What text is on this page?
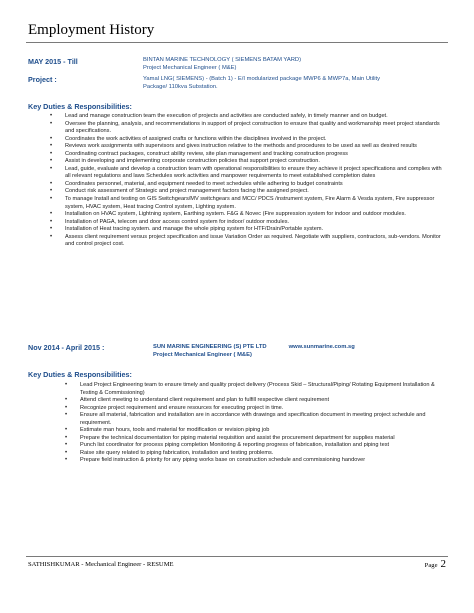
Employment History
MAY 2015 - Till	BINTAN MARINE TECHNOLOGY ( SIEMENS BATAM YARD)
Project Mechanical Engineer ( M&E)
Project :	Yamal LNG( SIEMENS) - (Batch 1) - E/I modularized package MWP6 & MWP7a, Main Utility
Package/ 110kva Substation.
Key Duties & Responsibilities:
• Lead and manage construction team the execution of projects and activities are conducted safely, in timely manner and on budget.
• Oversee the planning, analysis, and recommendations in support of project construction to ensure that quality and workmanship meet project standards and specifications.
• Coordinates the work activities of assigned crafts or functions within the disciplines involved in the project.
• Reviews work assignments with supervisors and gives instruction relative to the methods and procedures to be used as well as desired results
• Coordinating contract packages, construct ability review, site plan management and tracking construction progress
• Assist in developing and implementing corporate construction policies that support project construction.
• Lead, guide, evaluate and develop a construction team with operational responsibilities to ensure they achieve it project specifications and complies with all relevant regulations and laws Schedules work activities and manpower requirements to meet established completion dates
• Coordinates personnel, material, and equipment needed to meet schedules while adhering to budget constraints
• Conduct risk assessment of Strategic and project management factors facing the assigned project.
• To manage Install and testing on GIS Switchgears/MV switchgears and MCC/ PDCS /instrument system, Fire Alarm & Vesda system, Fire suppressor system, HVAC system, Heat tracing Control system, Lighting system.
• Installation on HVAC system, Lightning system, Earthing system. F&G & Novec (Fire suppression system for indoor and outdoor modules.
• Installation of PAGA, telecom and door access control system for indoor/ outdoor modules.
• Installation of Heat tracing system. and manage the whole piping system for HTF/Drain/Portable system.
• Assess client requirement versus project specification and issue Variation Order as required. Negotiate with suppliers, contractors, sub-vendors. Monitor and control project cost.
Nov 2014 - April 2015 :	SUN MARINE ENGINEERING (S) PTE LTD	www.sunmarine.com.sg
Project Mechanical Engineer ( M&E)
Key Duties & Responsibilities:
• Lead Project Engineering team to ensure timely and quality project delivery (Process Skid – Structural/Piping/ Rotating Equipment Installation & Testing & Commissioning)
• Attend client meeting to understand client requirement and plan to fulfill respective client requirement
• Recognize project requirement and ensure resources for executing project in time.
• Ensure all material, fabrication and installation are in accordance with drawings and specification document in meeting project schedule and requirement.
• Estimate man hours, tools and material for modification or revision piping job
• Prepare the technical documentation for piping material requisition and assist the procurement department for supplies material
• Punch list coordinator for process piping completion Monitoring & reporting progress of fabrication, installation and piping test
• Raise site query related to piping fabrication, installation and testing problems.
• Prepare field instruction & priority for any piping works base on construction schedule and commissioning handover
SATHISHKUMAR - Mechanical Engineer - RESUME	Page 2
